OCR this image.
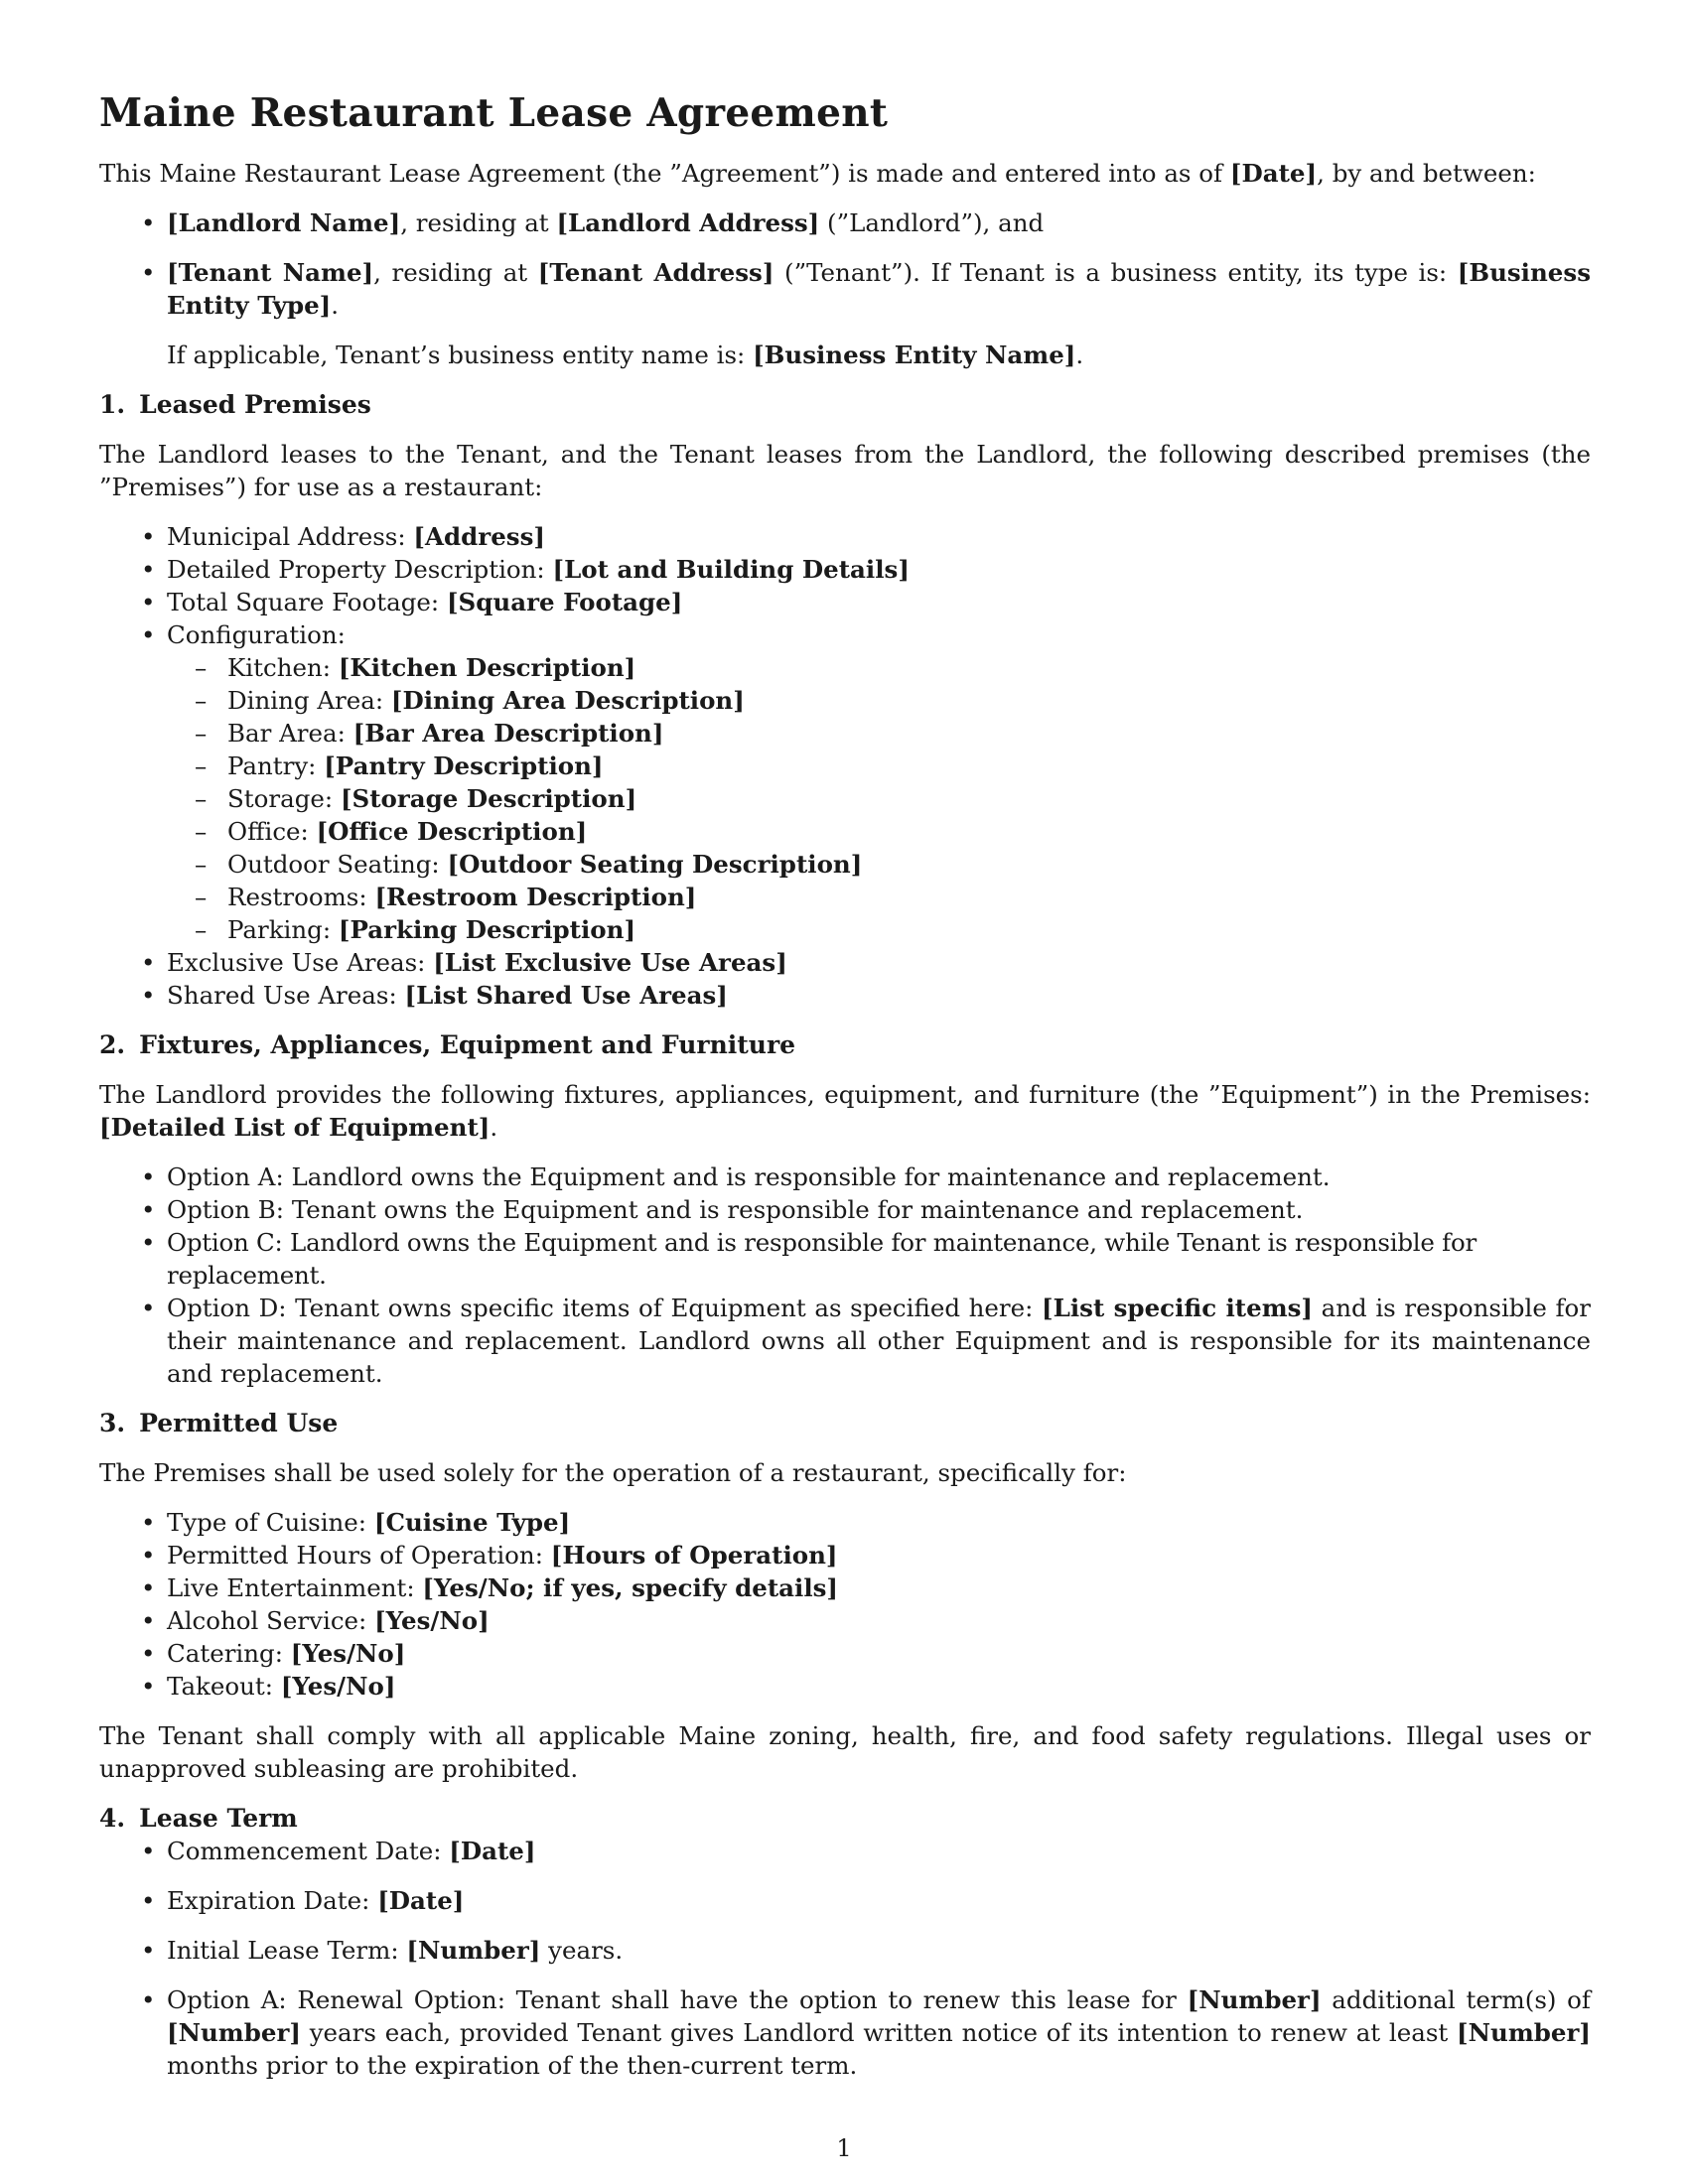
Maine Restaurant Lease Agreement

This Maine Restaurant Lease Agreement (the ”Agreement”) is made and entered into as of [Date], by and between:

• [Landlord Name], residing at [Landlord Address] (”Landlord”), and
• [Tenant Name], residing at [Tenant Address] (”Tenant”). If Tenant is a business entity, its type is: [Business Entity Type].

If applicable, Tenant’s business entity name is: [Business Entity Name].

1. Leased Premises

The Landlord leases to the Tenant, and the Tenant leases from the Landlord, the following described premises (the ”Premises”) for use as a restaurant:

• Municipal Address: [Address]
• Detailed Property Description: [Lot and Building Details]
• Total Square Footage: [Square Footage]
• Configuration:
– Kitchen: [Kitchen Description]
– Dining Area: [Dining Area Description]
– Bar Area: [Bar Area Description]
– Pantry: [Pantry Description]
– Storage: [Storage Description]
– Office: [Office Description]
– Outdoor Seating: [Outdoor Seating Description]
– Restrooms: [Restroom Description]
– Parking: [Parking Description]
• Exclusive Use Areas: [List Exclusive Use Areas]
• Shared Use Areas: [List Shared Use Areas]
2. Fixtures, Appliances, Equipment and Furniture

The Landlord provides the following fixtures, appliances, equipment, and furniture (the ”Equipment”) in the Premises: [Detailed List of Equipment].

• Option A: Landlord owns the Equipment and is responsible for maintenance and replacement.
• Option B: Tenant owns the Equipment and is responsible for maintenance and replacement.
• Option C: Landlord owns the Equipment and is responsible for maintenance, while Tenant is responsible for replacement.
• Option D: Tenant owns specific items of Equipment as specified here: [List specific items] and is responsible for their maintenance and replacement. Landlord owns all other Equipment and is responsible for its maintenance and replacement.
3. Permitted Use

The Premises shall be used solely for the operation of a restaurant, specifically for:

• Type of Cuisine: [Cuisine Type]
• Permitted Hours of Operation: [Hours of Operation]
• Live Entertainment: [Yes/No; if yes, specify details]
• Alcohol Service: [Yes/No]
• Catering: [Yes/No]
• Takeout: [Yes/No]

The Tenant shall comply with all applicable Maine zoning, health, fire, and food safety regulations. Illegal uses or unapproved subleasing are prohibited.

4. Lease Term
• Commencement Date: [Date]
• Expiration Date: [Date]
• Initial Lease Term: [Number] years.
• Option A: Renewal Option: Tenant shall have the option to renew this lease for [Number] additional term(s) of [Number] years each, provided Tenant gives Landlord written notice of its intention to renew at least [Number] months prior to the expiration of the then-current term.
1
